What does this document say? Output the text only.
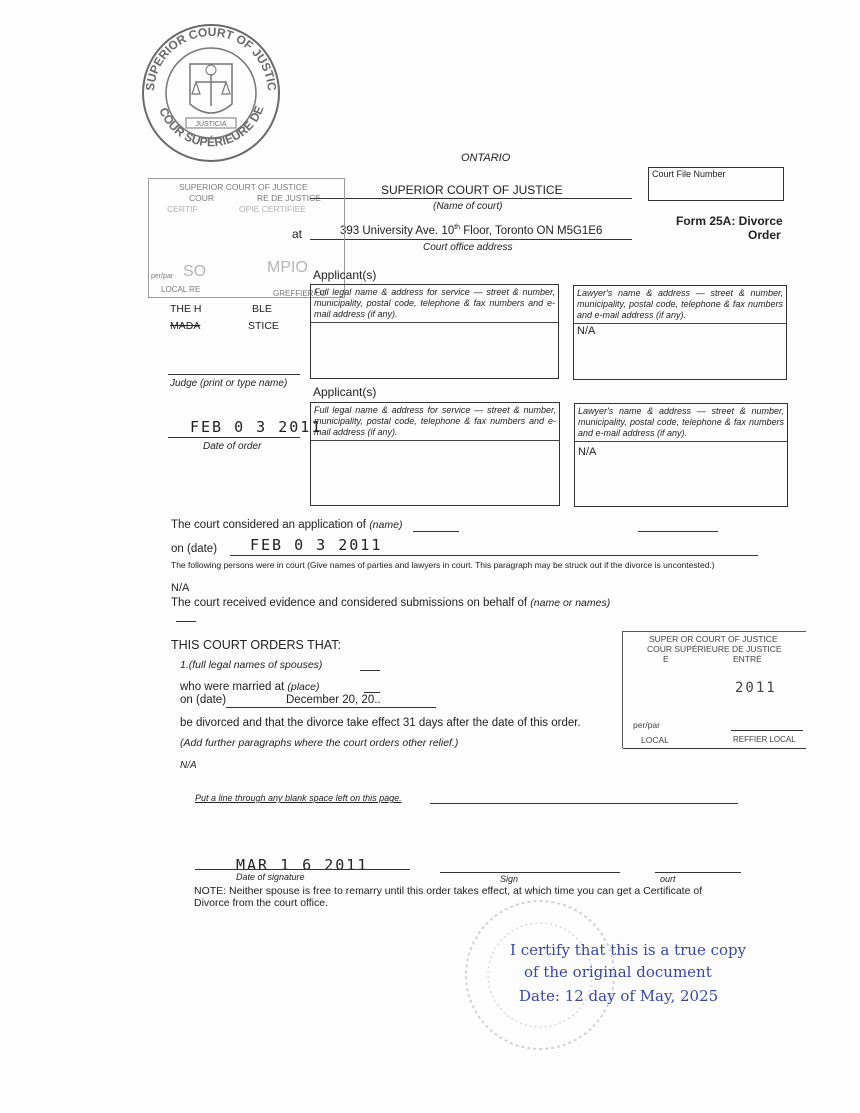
SUPERIOR COURT OF JUSTIC
COUR SUPÉRIEURE DE
JUSTICIA
ONTARIO
SUPERIOR COURT OF JUSTICE
(Name of court)
at	393 University Ave. 10th Floor, Toronto ON M5G1E6
Court office address
Court File Number
Form 25A: Divorce
Order
SUPERIOR COURT OF JUSTICE
COUR	RE DE JUSTICE
CERTIF	OPIE CERTIFIEE
SO	MPIO
per/par
LOCAL RE	GREFFIER LO
THE H	BLE
MADA	STICE
Judge (print or type name)
FEB 0 3 2011
Date of order
Applicant(s)
Full legal name & address for service — street & number, municipality, postal code, telephone & fax numbers and e-mail address (if any).
Lawyer's name & address — street & number, municipality, postal code, telephone & fax numbers and e-mail address (if any).
N/A
Applicant(s)
Full legal name & address for service — street & number, municipality, postal code, telephone & fax numbers and e-mail address (if any).
Lawyer's name & address — street & number, municipality, postal code, telephone & fax numbers and e-mail address (if any).
N/A
The court considered an application of (name)
on (date) FEB 0 3 2011
The following persons were in court (Give names of parties and lawyers in court. This paragraph may be struck out if the divorce is uncontested.)
N/A
The court received evidence and considered submissions on behalf of (name or names)
THIS COURT ORDERS THAT:
1.(full legal names of spouses)
who were married at (place)
on (date)	December 20, 20..
be divorced and that the divorce take effect 31 days after the date of this order.
(Add further paragraphs where the court orders other relief.)
N/A
Put a line through any blank space left on this page.
SUPER OR COURT OF JUSTICE
COUR SUPÉRIEURE DE JUSTICE
E	ENTRÉ
2011
per/par
LOCAL	REFFIER LOCAL
MAR 1 6 2011
Date of signature	Sign	ourt
NOTE: Neither spouse is free to remarry until this order takes effect, at which time you can get a Certificate of Divorce from the court office.
I certify that this is a true copy
of the original document
Date: 12 day of May, 2025
